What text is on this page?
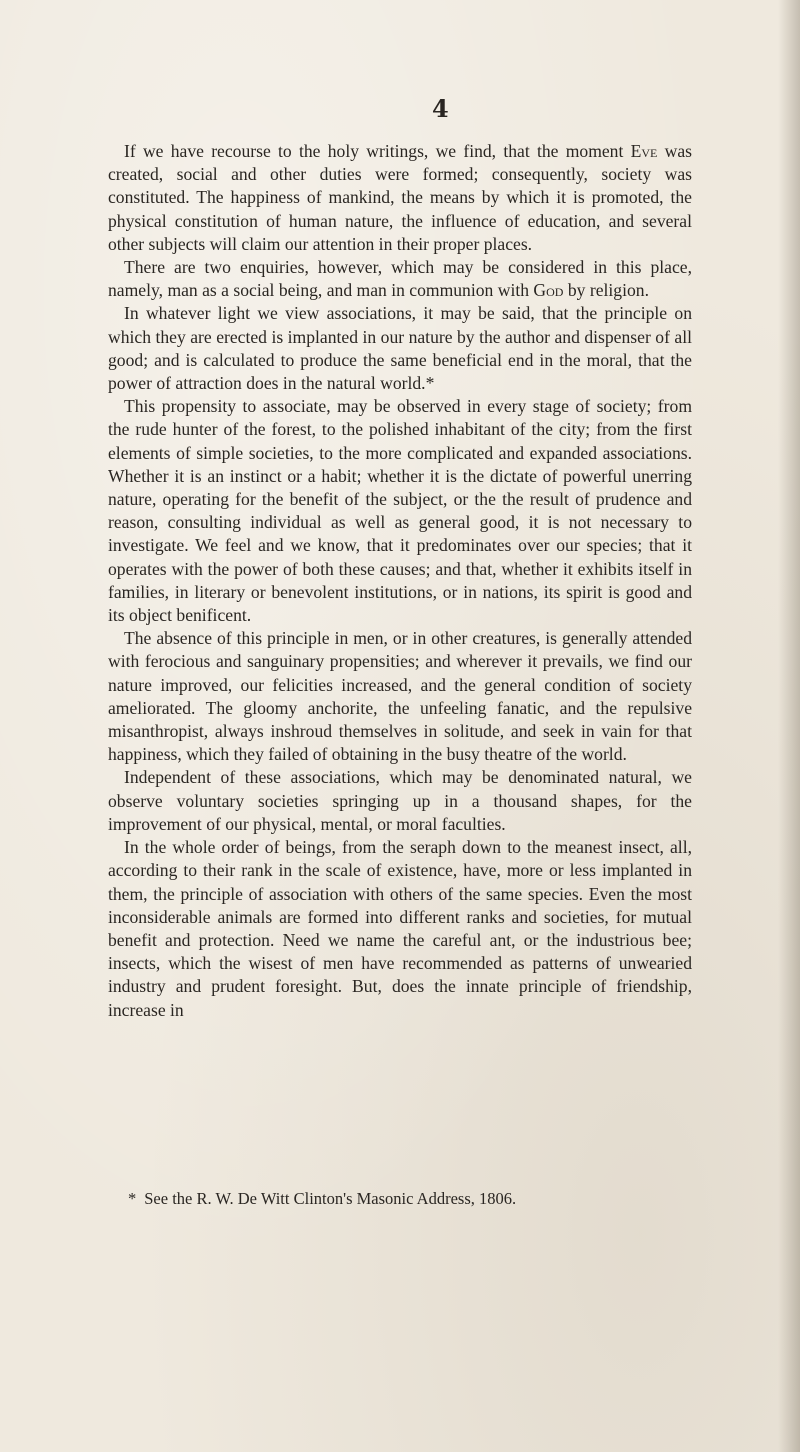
4

If we have recourse to the holy writings, we find, that the moment Eve was created, social and other duties were formed; consequently, society was constituted. The happiness of mankind, the means by which it is promoted, the physical constitution of human nature, the influence of education, and several other subjects will claim our attention in their proper places.

There are two enquiries, however, which may be considered in this place, namely, man as a social being, and man in communion with God by religion.

In whatever light we view associations, it may be said, that the principle on which they are erected is implanted in our nature by the author and dispenser of all good; and is calculated to produce the same beneficial end in the moral, that the power of attraction does in the natural world.*

This propensity to associate, may be observed in every stage of society; from the rude hunter of the forest, to the polished inhabitant of the city; from the first elements of simple societies, to the more complicated and expanded associations. Whether it is an instinct or a habit; whether it is the dictate of powerful unerring nature, operating for the benefit of the subject, or the the result of prudence and reason, consulting individual as well as general good, it is not necessary to investigate. We feel and we know, that it predominates over our species; that it operates with the power of both these causes; and that, whether it exhibits itself in families, in literary or benevolent institutions, or in nations, its spirit is good and its object benificent.

The absence of this principle in men, or in other creatures, is generally attended with ferocious and sanguinary propensities; and wherever it prevails, we find our nature improved, our felicities increased, and the general condition of society ameliorated. The gloomy anchorite, the unfeeling fanatic, and the repulsive misanthropist, always inshroud themselves in solitude, and seek in vain for that happiness, which they failed of obtaining in the busy theatre of the world.

Independent of these associations, which may be denominated natural, we observe voluntary societies springing up in a thousand shapes, for the improvement of our physical, mental, or moral faculties.

In the whole order of beings, from the seraph down to the meanest insect, all, according to their rank in the scale of existence, have, more or less implanted in them, the principle of association with others of the same species. Even the most inconsiderable animals are formed into different ranks and societies, for mutual benefit and protection. Need we name the careful ant, or the industrious bee; insects, which the wisest of men have recommended as patterns of unwearied industry and prudent foresight. But, does the innate principle of friendship, increase in

* See the R. W. De Witt Clinton's Masonic Address, 1806.
